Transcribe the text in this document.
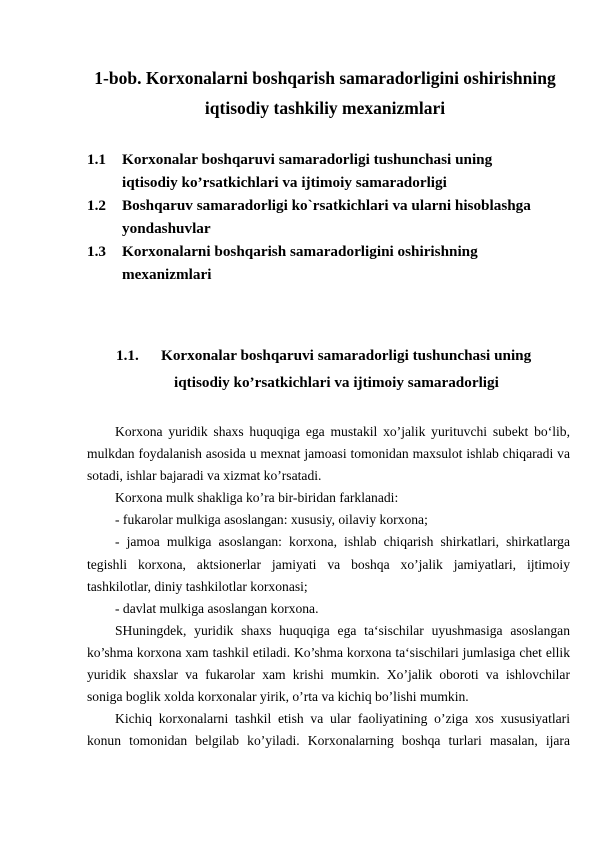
1-bob. Korxonalarni boshqarish samaradorligini oshirishning
iqtisodiy tashkiliy mexanizmlari
1.1	Korxonalar boshqaruvi samaradorligi tushunchasi uning
iqtisodiy ko’rsatkichlari va ijtimoiy samaradorligi
1.2	Boshqaruv samaradorligi ko`rsatkichlari va ularni hisoblashga
yondashuvlar
1.3	Korxonalarni boshqarish samaradorligini oshirishning
mexanizmlari
1.1.	Korxonalar boshqaruvi samaradorligi tushunchasi uning
iqtisodiy ko’rsatkichlari va ijtimoiy samaradorligi

Korxona yuridik shaxs huquqiga ega mustakil xo’jalik yurituvchi subekt bo‘lib, mulkdan foydalanish asosida u mexnat jamoasi tomonidan maxsulot ishlab chiqaradi va sotadi, ishlar bajaradi va xizmat ko’rsatadi.

Korxona mulk shakliga ko’ra bir-biridan farklanadi:

- fukarolar mulkiga asoslangan: xususiy, oilaviy korxona;

- jamoa mulkiga asoslangan: korxona, ishlab chiqarish shirkatlari, shirkatlarga tegishli korxona, aktsionerlar jamiyati va boshqa xo’jalik jamiyatlari, ijtimoiy tashkilotlar, diniy tashkilotlar korxonasi;

- davlat mulkiga asoslangan korxona.

SHuningdek, yuridik shaxs huquqiga ega ta‘sischilar uyushmasiga asoslangan ko’shma korxona xam tashkil etiladi. Ko’shma korxona ta‘sischilari jumlasiga chet ellik yuridik shaxslar va fukarolar xam krishi mumkin. Xo’jalik oboroti va ishlovchilar soniga boglik xolda korxonalar yirik, o’rta va kichiq bo’lishi mumkin.

Kichiq korxonalarni tashkil etish va ular faoliyatining o’ziga xos xususiyatlari konun tomonidan belgilab ko’yiladi. Korxonalarning boshqa turlari masalan, ijara
